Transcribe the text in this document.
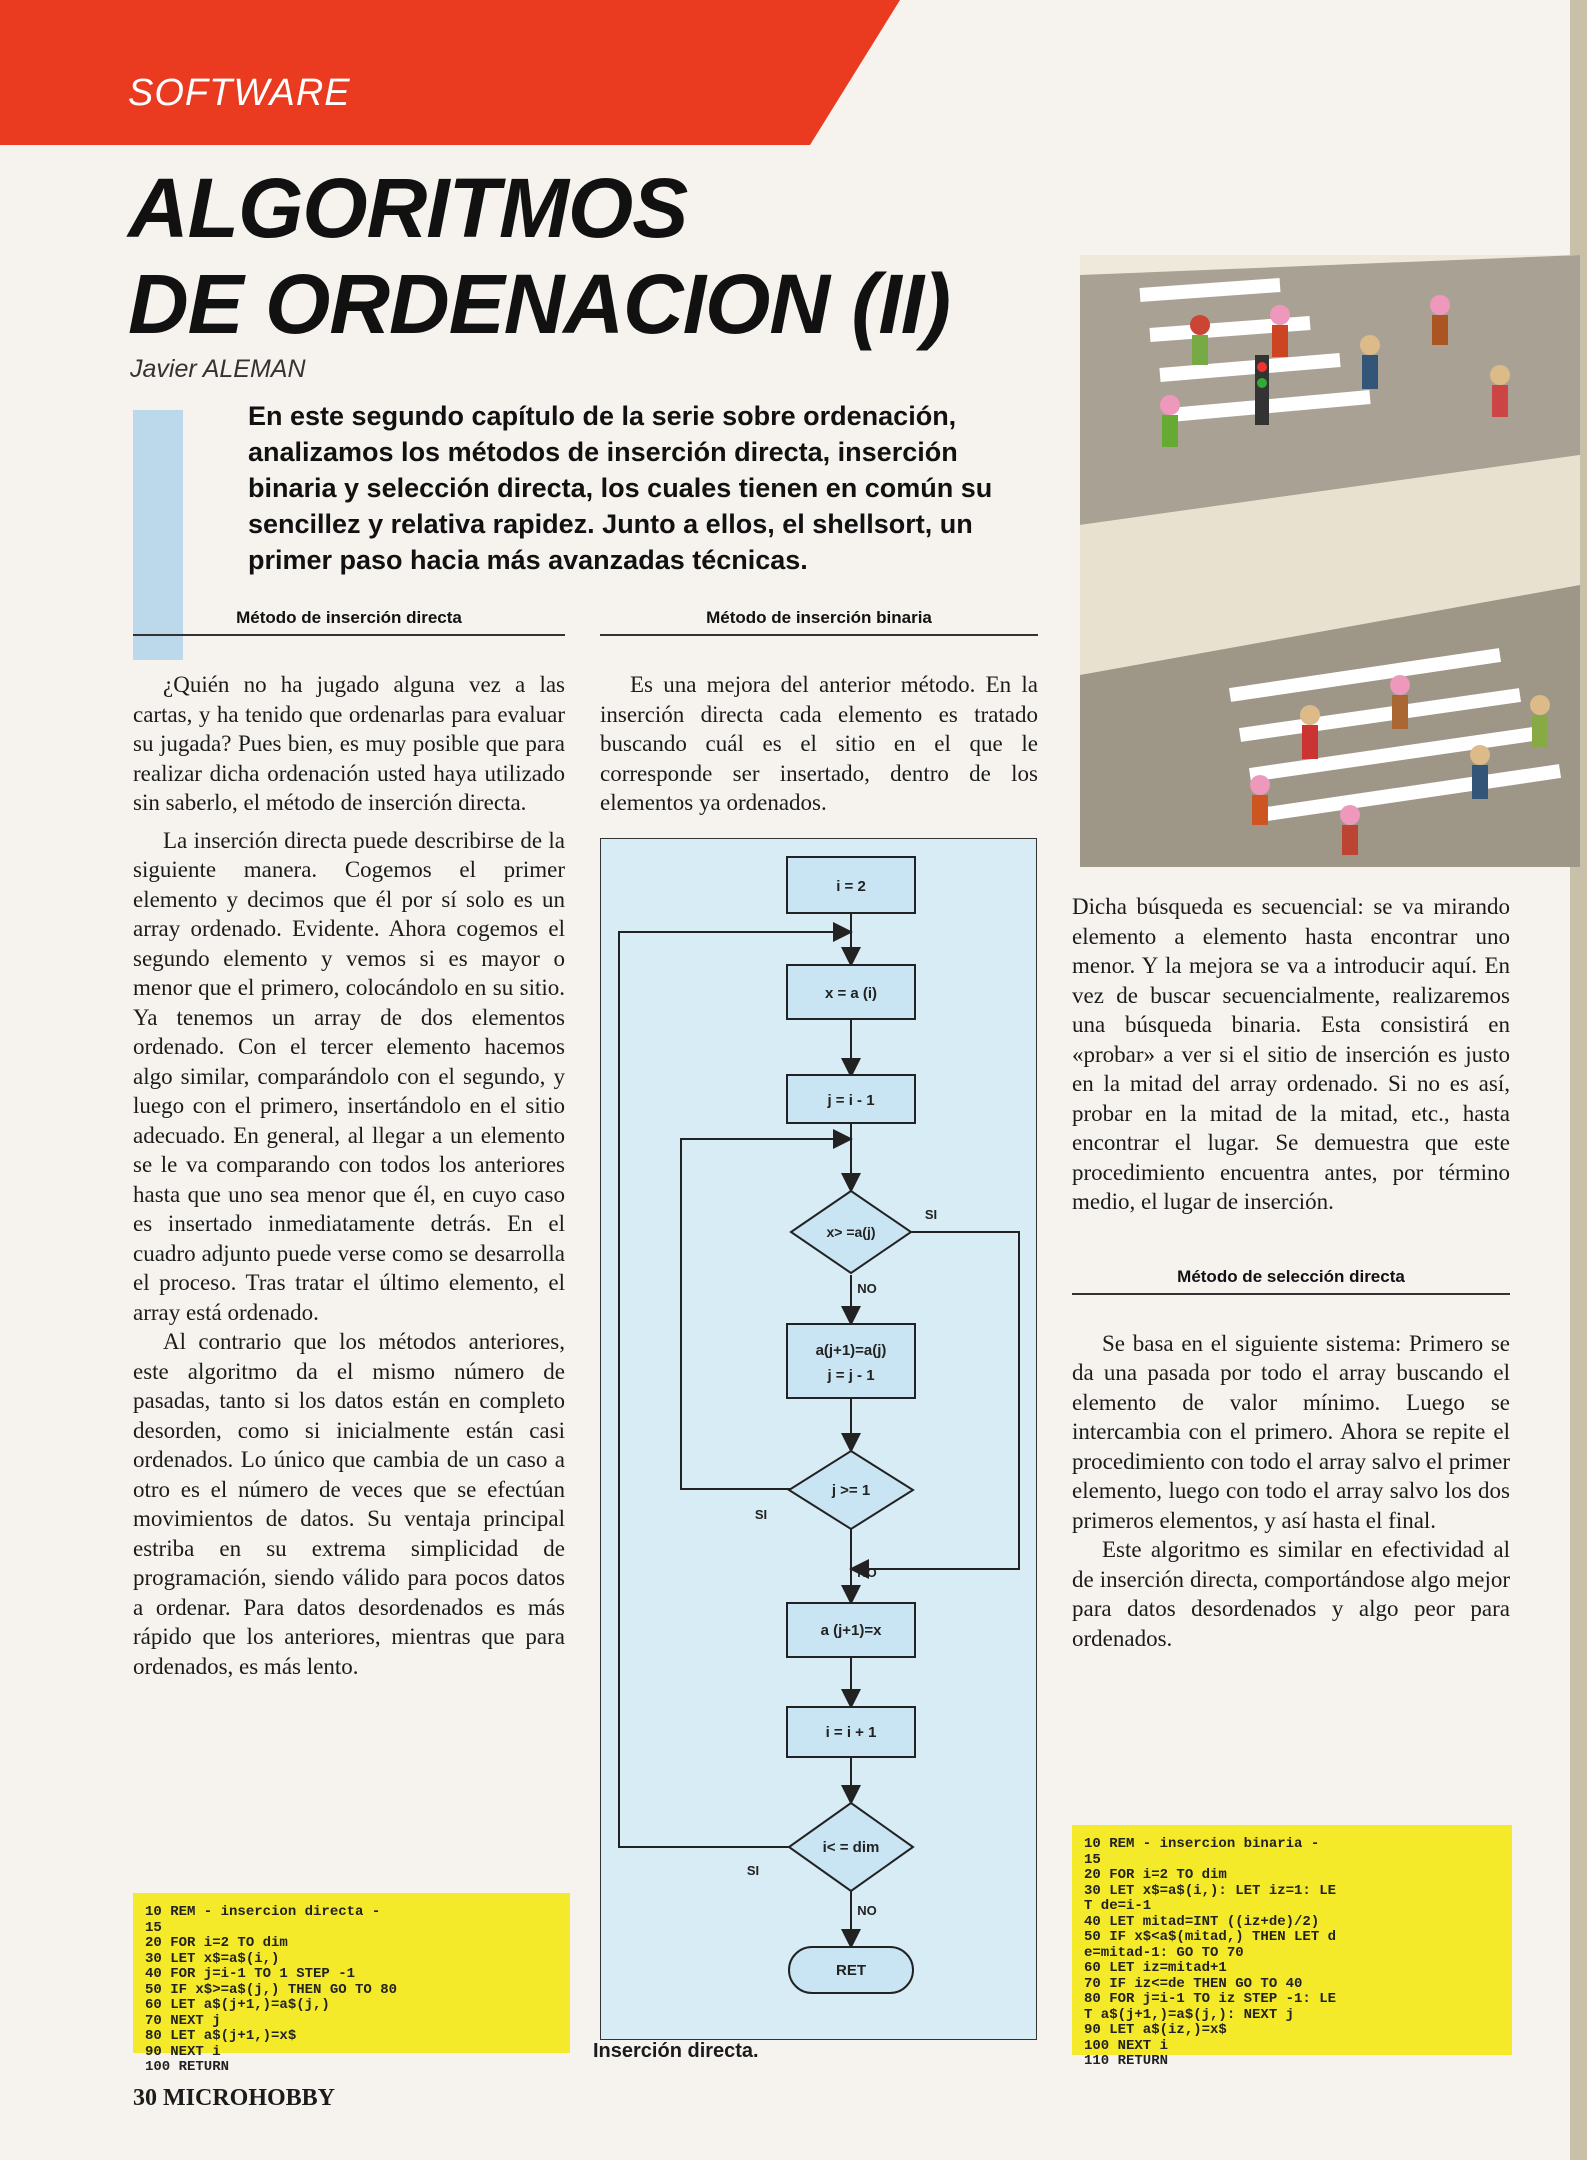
SOFTWARE
ALGORITMOS
DE ORDENACION (II)
Javier ALEMAN
En este segundo capítulo de la serie sobre ordenación, analizamos los métodos de inserción directa, inserción binaria y selección directa, los cuales tienen en común su sencillez y relativa rapidez. Junto a ellos, el shellsort, un primer paso hacia más avanzadas técnicas.
Método de inserción directa

¿Quién no ha jugado alguna vez a las cartas, y ha tenido que ordenarlas para evaluar su jugada? Pues bien, es muy posible que para realizar dicha ordenación usted haya utilizado sin saberlo, el método de inserción directa.

La inserción directa puede describirse de la siguiente manera. Cogemos el primer elemento y decimos que él por sí solo es un array ordenado. Evidente. Ahora cogemos el segundo elemento y vemos si es mayor o menor que el primero, colocándolo en su sitio. Ya tenemos un array de dos elementos ordenado. Con el tercer elemento hacemos algo similar, comparándolo con el segundo, y luego con el primero, insertándolo en el sitio adecuado. En general, al llegar a un elemento se le va comparando con todos los anteriores hasta que uno sea menor que él, en cuyo caso es insertado inmediatamente detrás. En el cuadro adjunto puede verse como se desarrolla el proceso. Tras tratar el último elemento, el array está ordenado.

Al contrario que los métodos anteriores, este algoritmo da el mismo número de pasadas, tanto si los datos están en completo desorden, como si inicialmente están casi ordenados. Lo único que cambia de un caso a otro es el número de veces que se efectúan movimientos de datos. Su ventaja principal estriba en su extrema simplicidad de programación, siendo válido para pocos datos a ordenar. Para datos desordenados es más rápido que los anteriores, mientras que para ordenados, es más lento.

10 REM - insercion directa -
15
20 FOR i=2 TO dim
30 LET x$=a$(i,)
40 FOR j=i-1 TO 1 STEP -1
50 IF x$>=a$(j,) THEN GO TO 80
60 LET a$(j+1,)=a$(j,)
70 NEXT j
80 LET a$(j+1,)=x$
90 NEXT i
100 RETURN
Método de inserción binaria

Es una mejora del anterior método. En la inserción directa cada elemento es tratado buscando cuál es el sitio en el que le corresponde ser insertado, dentro de los elementos ya ordenados.

i = 2
x = a (i)
j = i - 1
x> =a(j)
a(j+1)=a(j)
j = j - 1
j >= 1
a (j+1)=x
i = i + 1
i< = dim
RET
SI
NO
SI
NO
SI
NO
Inserción directa.

Dicha búsqueda es secuencial: se va mirando elemento a elemento hasta encontrar uno menor. Y la mejora se va a introducir aquí. En vez de buscar secuencialmente, realizaremos una búsqueda binaria. Esta consistirá en «probar» a ver si el sitio de inserción es justo en la mitad del array ordenado. Si no es así, probar en la mitad de la mitad, etc., hasta encontrar el lugar. Se demuestra que este procedimiento encuentra antes, por término medio, el lugar de inserción.

Método de selección directa

Se basa en el siguiente sistema: Primero se da una pasada por todo el array buscando el elemento de valor mínimo. Luego se intercambia con el primero. Ahora se repite el procedimiento con todo el array salvo el primer elemento, luego con todo el array salvo los dos primeros elementos, y así hasta el final.

Este algoritmo es similar en efectividad al de inserción directa, comportándose algo mejor para datos desordenados y algo peor para ordenados.

10 REM - insercion binaria -
15
20 FOR i=2 TO dim
30 LET x$=a$(i,): LET iz=1: LE
T de=i-1
40 LET mitad=INT ((iz+de)/2)
50 IF x$<a$(mitad,) THEN LET d
e=mitad-1: GO TO 70
60 LET iz=mitad+1
70 IF iz<=de THEN GO TO 40
80 FOR j=i-1 TO iz STEP -1: LE
T a$(j+1,)=a$(j,): NEXT j
90 LET a$(iz,)=x$
100 NEXT i
110 RETURN
30 MICROHOBBY
